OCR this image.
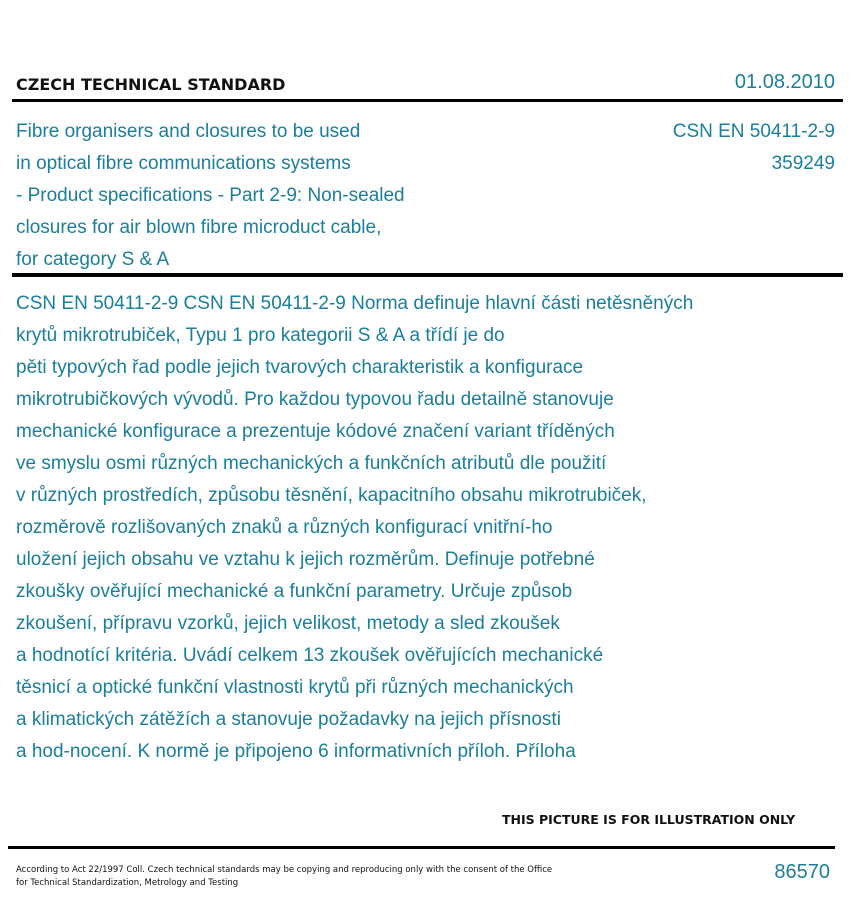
CZECH TECHNICAL STANDARD	01.08.2010
Fibre organisers and closures to be used
in optical fibre communications systems
- Product specifications - Part 2-9: Non-sealed
closures for air blown fibre microduct cable,
for category S & A
CSN EN 50411-2-9
359249
CSN EN 50411-2-9 CSN EN 50411-2-9 Norma definuje hlavní části netěsněných
krytů mikrotrubiček, Typu 1 pro kategorii S & A a třídí je do
pěti typových řad podle jejich tvarových charakteristik a konfigurace
mikrotrubičkových vývodů. Pro každou typovou řadu detailně stanovuje
mechanické konfigurace a prezentuje kódové značení variant tříděných
ve smyslu osmi různých mechanických a funkčních atributů dle použití
v různých prostředích, způsobu těsnění, kapacitního obsahu mikrotrubiček,
rozměrově rozlišovaných znaků a různých konfigurací vnitřní-ho
uložení jejich obsahu ve vztahu k jejich rozměrům. Definuje potřebné
zkoušky ověřující mechanické a funkční parametry. Určuje způsob
zkoušení, přípravu vzorků, jejich velikost, metody a sled zkoušek
a hodnotící kritéria. Uvádí celkem 13 zkoušek ověřujících mechanické
těsnicí a optické funkční vlastnosti krytů při různých mechanických
a klimatických zátěžích a stanovuje požadavky na jejich přísnosti
a hod-nocení. K normě je připojeno 6 informativních příloh. Příloha
THIS PICTURE IS FOR ILLUSTRATION ONLY
According to Act 22/1997 Coll. Czech technical standards may be copying and reproducing only with the consent of the Office
for Technical Standardization, Metrology and Testing	86570
